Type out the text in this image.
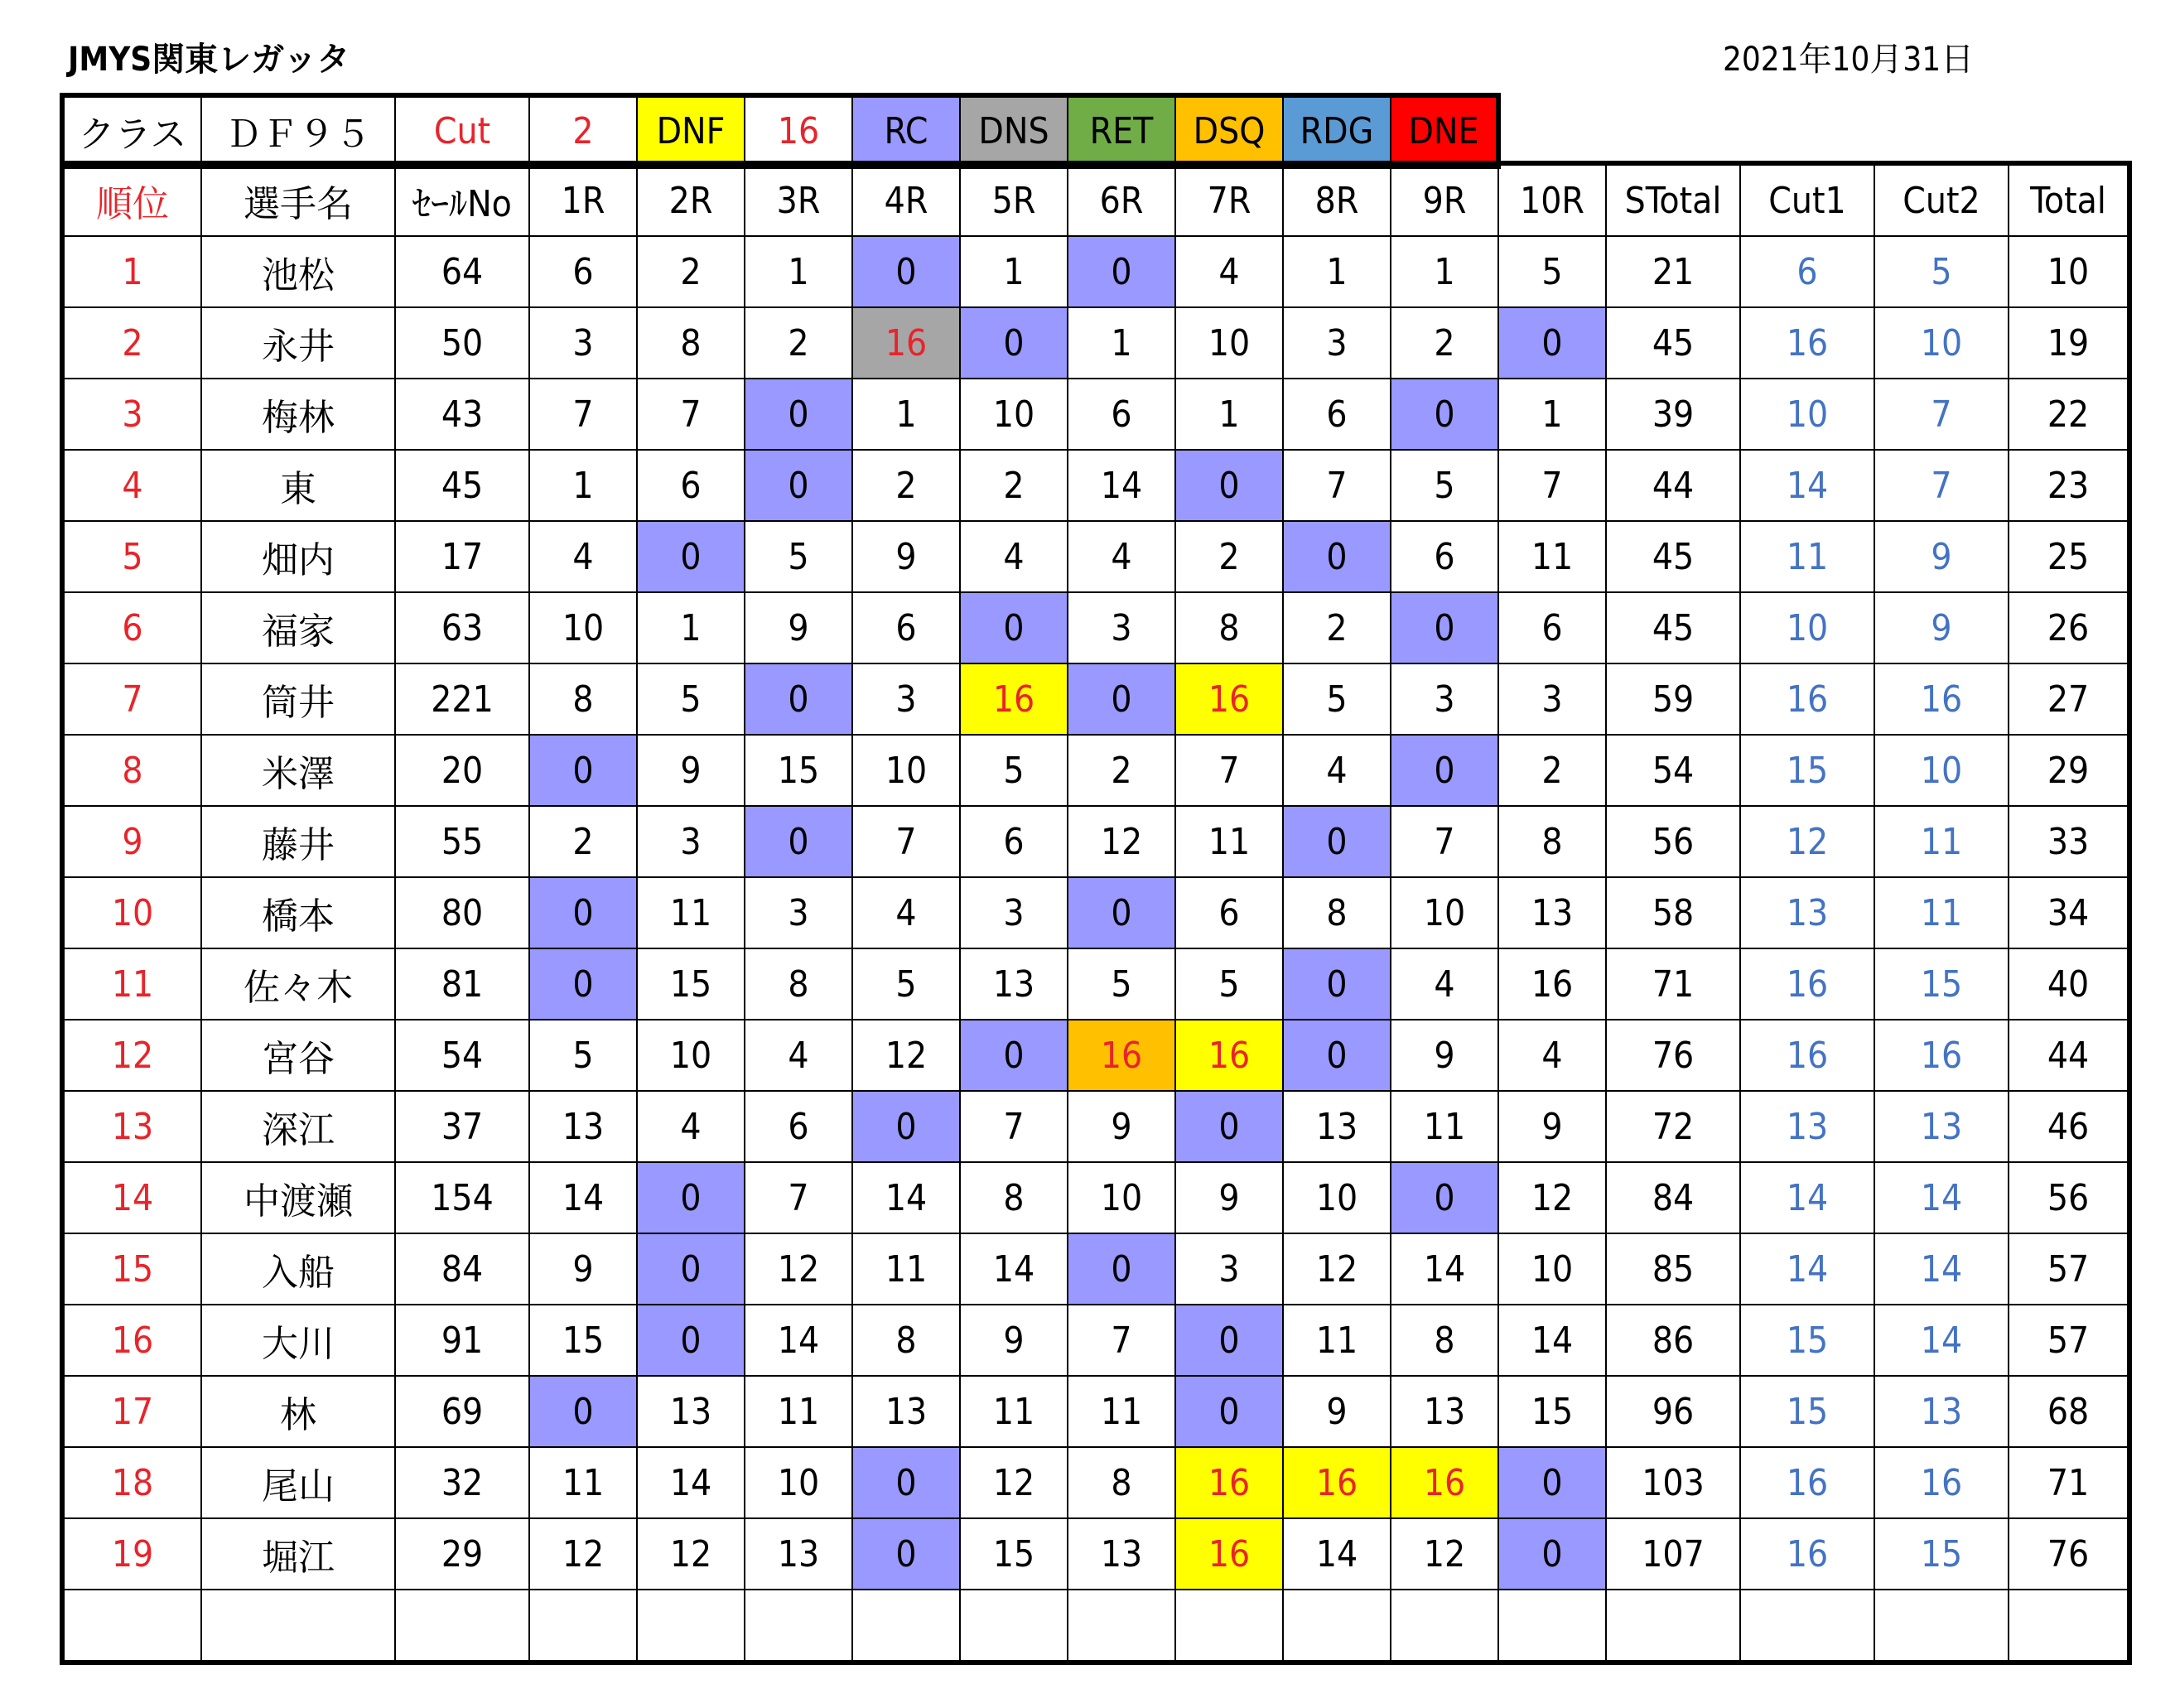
JMYS関東レガッタ	2021年10月31日
クラス	ＤＦ９５	Cut	2	DNF	16	RC	DNS	RET	DSQ	RDG	DNE
順位	選手名	ｾｰﾙNo	1R	2R	3R	4R	5R	6R	7R	8R	9R	10R	STotal	Cut1	Cut2	Total
1	池松	64	6	2	1	0	1	0	4	1	1	5	21	6	5	10
2	永井	50	3	8	2	16	0	1	10	3	2	0	45	16	10	19
3	梅林	43	7	7	0	1	10	6	1	6	0	1	39	10	7	22
4	東	45	1	6	0	2	2	14	0	7	5	7	44	14	7	23
5	畑内	17	4	0	5	9	4	4	2	0	6	11	45	11	9	25
6	福家	63	10	1	9	6	0	3	8	2	0	6	45	10	9	26
7	筒井	221	8	5	0	3	16	0	16	5	3	3	59	16	16	27
8	米澤	20	0	9	15	10	5	2	7	4	0	2	54	15	10	29
9	藤井	55	2	3	0	7	6	12	11	0	7	8	56	12	11	33
10	橋本	80	0	11	3	4	3	0	6	8	10	13	58	13	11	34
11	佐々木	81	0	15	8	5	13	5	5	0	4	16	71	16	15	40
12	宮谷	54	5	10	4	12	0	16	16	0	9	4	76	16	16	44
13	深江	37	13	4	6	0	7	9	0	13	11	9	72	13	13	46
14	中渡瀬	154	14	0	7	14	8	10	9	10	0	12	84	14	14	56
15	入船	84	9	0	12	11	14	0	3	12	14	10	85	14	14	57
16	大川	91	15	0	14	8	9	7	0	11	8	14	86	15	14	57
17	林	69	0	13	11	13	11	11	0	9	13	15	96	15	13	68
18	尾山	32	11	14	10	0	12	8	16	16	16	0	103	16	16	71
19	堀江	29	12	12	13	0	15	13	16	14	12	0	107	16	15	76
